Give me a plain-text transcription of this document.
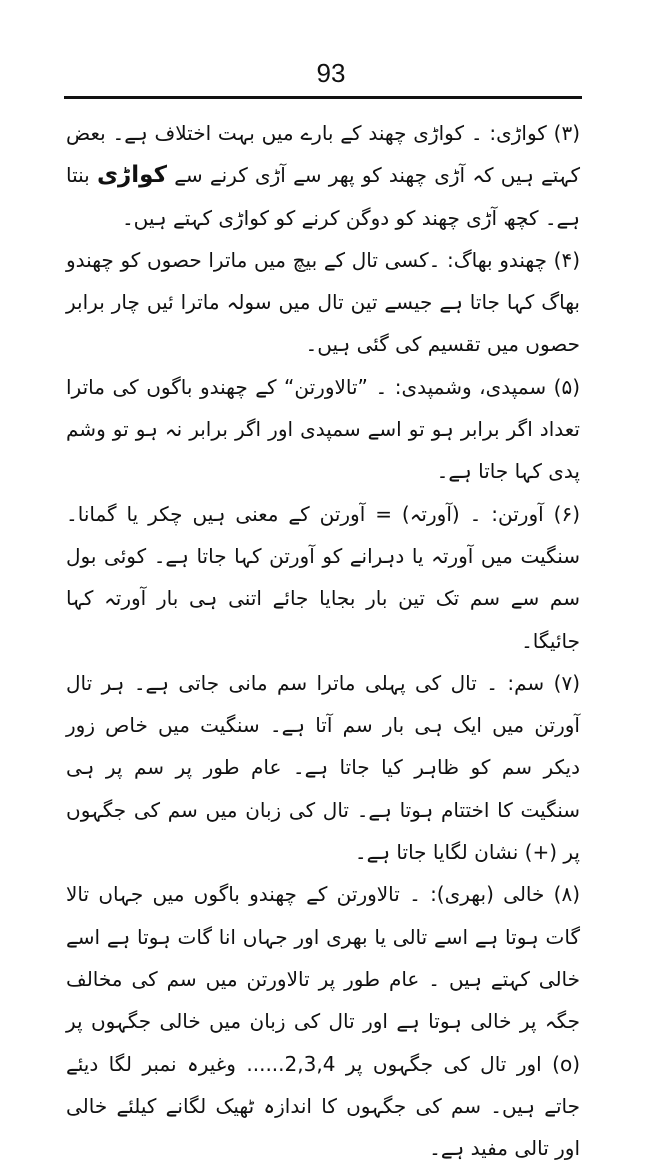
93

(۳) کواڑی: ۔ کواڑی چھند کے بارے میں بہت اختلاف ہے۔ بعض کہتے ہیں کہ آڑی چھند کو پھر سے آڑی کرنے سے کواڑی بنتا ہے۔ کچھ آڑی چھند کو دوگن کرنے کو کواڑی کہتے ہیں۔

(۴) چھندو بھاگ: ۔کسی تال کے بیچ میں ماترا حصوں کو چھندو بھاگ کہا جاتا ہے جیسے تین تال میں سولہ ماترا ئیں چار برابر حصوں میں تقسیم کی گئی ہیں۔

(۵) سمپدی، وشمپدی: ۔ ”تالاورتن“ کے چھندو باگوں کی ماترا تعداد اگر برابر ہو تو اسے سمپدی اور اگر برابر نہ ہو تو وشم پدی کہا جاتا ہے۔

(۶) آورتن: ۔ (آورتہ) = آورتن کے معنی ہیں چکر یا گمانا۔ سنگیت میں آورتہ یا دہرانے کو آورتن کہا جاتا ہے۔ کوئی بول سم سے سم تک تین بار بجایا جائے اتنی ہی بار آورتہ کہا جائیگا۔

(۷) سم: ۔ تال کی پہلی ماترا سم مانی جاتی ہے۔ ہر تال آورتن میں ایک ہی بار سم آتا ہے۔ سنگیت میں خاص زور دیکر سم کو ظاہر کیا جاتا ہے۔ عام طور پر سم پر ہی سنگیت کا اختتام ہوتا ہے۔ تال کی زبان میں سم کی جگہوں پر (+) نشان لگایا جاتا ہے۔

(۸) خالی (بھری): ۔ تالاورتن کے چھندو باگوں میں جہاں تالا گات ہوتا ہے اسے تالی یا بھری اور جہاں انا گات ہوتا ہے اسے خالی کہتے ہیں ۔ عام طور پر تالاورتن میں سم کی مخالف جگہ پر خالی ہوتا ہے اور تال کی زبان میں خالی جگہوں پر (o) اور تال کی جگہوں پر 2,3,4...... وغیرہ نمبر لگا دیئے جاتے ہیں۔ سم کی جگہوں کا اندازہ ٹھیک لگانے کیلئے خالی اور تالی مفید ہے۔
